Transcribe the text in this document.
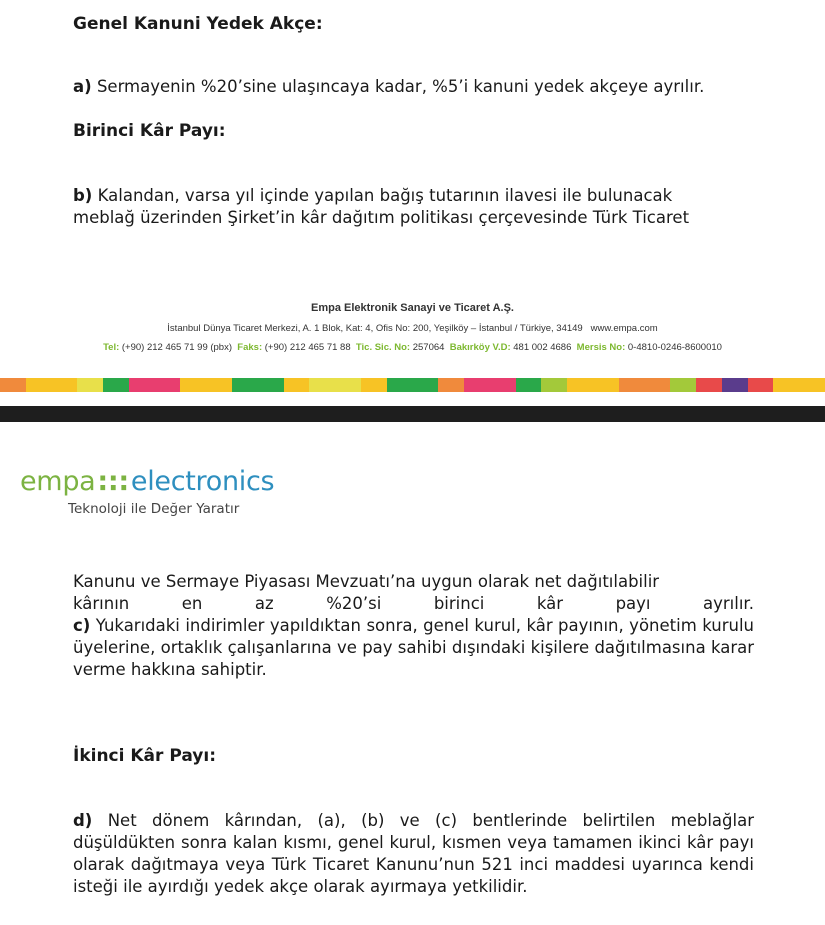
Genel Kanuni Yedek Akçe:
a) Sermayenin %20’sine ulaşıncaya kadar, %5’i kanuni yedek akçeye ayrılır.
Birinci Kâr Payı:
b) Kalandan, varsa yıl içinde yapılan bağış tutarının ilavesi ile bulunacak
meblağ üzerinden Şirket’in kâr dağıtım politikası çerçevesinde Türk Ticaret
Empa Elektronik Sanayi ve Ticaret A.Ş.
İstanbul Dünya Ticaret Merkezi, A. 1 Blok, Kat: 4, Ofis No: 200, Yeşilköy – İstanbul / Türkiye, 34149 www.empa.com
Tel: (+90) 212 465 71 99 (pbx) Faks: (+90) 212 465 71 88 Tic. Sic. No: 257064 Bakırköy V.D: 481 002 4686 Mersis No: 0-4810-0246-8600010
empa:::electronics
Teknoloji ile Değer Yaratır
Kanunu ve Sermaye Piyasası Mevzuatı’na uygun olarak net dağıtılabilir
kârının	en	az	%20’si	birinci	kâr	payı	ayrılır.
c) Yukarıdaki indirimler yapıldıktan sonra, genel kurul, kâr payının, yönetim kurulu üyelerine, ortaklık çalışanlarına ve pay sahibi dışındaki kişilere dağıtılmasına karar verme hakkına sahiptir.
İkinci Kâr Payı:
d) Net dönem kârından, (a), (b) ve (c) bentlerinde belirtilen meblağlar düşüldükten sonra kalan kısmı, genel kurul, kısmen veya tamamen ikinci kâr payı olarak dağıtmaya veya Türk Ticaret Kanunu’nun 521 inci maddesi uyarınca kendi isteği ile ayırdığı yedek akçe olarak ayırmaya yetkilidir.
